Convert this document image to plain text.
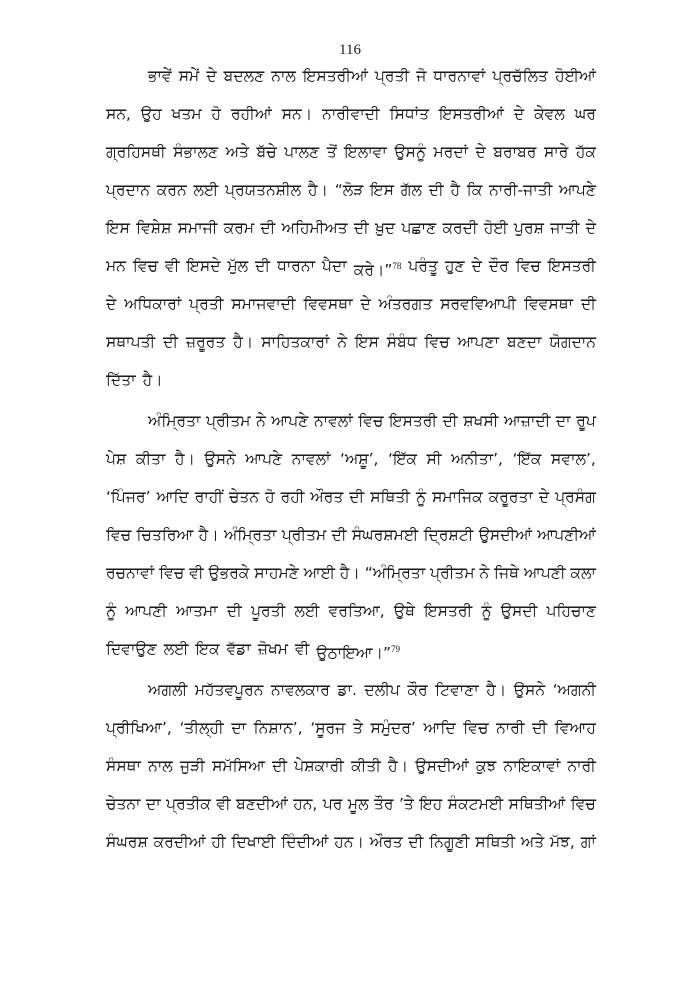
116
ਭਾਵੇਂ ਸਮੇਂ ਦੇ ਬਦਲਣ ਨਾਲ ਇਸਤਰੀਆਂ ਪ੍ਰਤੀ ਜੋ ਧਾਰਨਾਵਾਂ ਪ੍ਰਚੱਲਿਤ ਹੋਈਆਂ
ਸਨ, ਉਹ ਖਤਮ ਹੋ ਰਹੀਆਂ ਸਨ। ਨਾਰੀਵਾਦੀ ਸਿਧਾਂਤ ਇਸਤਰੀਆਂ ਦੇ ਕੇਵਲ ਘਰ
ਗ੍ਰਹਿਸਥੀ ਸੰਭਾਲਣ ਅਤੇ ਬੱਚੇ ਪਾਲਣ ਤੋਂ ਇਲਾਵਾ ਉਸਨੂੰ ਮਰਦਾਂ ਦੇ ਬਰਾਬਰ ਸਾਰੇ ਹੱਕ
ਪ੍ਰਦਾਨ ਕਰਨ ਲਈ ਪ੍ਰਯਤਨਸ਼ੀਲ ਹੈ। “ਲੋੜ ਇਸ ਗੱਲ ਦੀ ਹੈ ਕਿ ਨਾਰੀ-ਜਾਤੀ ਆਪਣੇ
ਇਸ ਵਿਸ਼ੇਸ਼ ਸਮਾਜੀ ਕਰਮ ਦੀ ਅਹਿਮੀਅਤ ਦੀ ਖ਼ੁਦ ਪਛਾਣ ਕਰਦੀ ਹੋਈ ਪੁਰਸ਼ ਜਾਤੀ ਦੇ
ਮਨ ਵਿਚ ਵੀ ਇਸਦੇ ਮੁੱਲ ਦੀ ਧਾਰਨਾ ਪੈਦਾ ਕਰੇ।”$^{78}$ ਪਰੰਤੂ ਹੁਣ ਦੇ ਦੌਰ ਵਿਚ ਇਸਤਰੀ
ਦੇ ਅਧਿਕਾਰਾਂ ਪ੍ਰਤੀ ਸਮਾਜਵਾਦੀ ਵਿਵਸਥਾ ਦੇ ਅੰਤਰਗਤ ਸਰਵਵਿਆਪੀ ਵਿਵਸਥਾ ਦੀ
ਸਥਾਪਤੀ ਦੀ ਜ਼ਰੂਰਤ ਹੈ। ਸਾਹਿਤਕਾਰਾਂ ਨੇ ਇਸ ਸੰਬੰਧ ਵਿਚ ਆਪਣਾ ਬਣਦਾ ਯੋਗਦਾਨ
ਦਿੱਤਾ ਹੈ।
ਅੰਮ੍ਰਿਤਾ ਪ੍ਰੀਤਮ ਨੇ ਆਪਣੇ ਨਾਵਲਾਂ ਵਿਚ ਇਸਤਰੀ ਦੀ ਸ਼ਖਸੀ ਆਜ਼ਾਦੀ ਦਾ ਰੂਪ
ਪੇਸ਼ ਕੀਤਾ ਹੈ। ਉਸਨੇ ਆਪਣੇ ਨਾਵਲਾਂ ‘ਅਸ਼ੂ’, ‘ਇੱਕ ਸੀ ਅਨੀਤਾ’, ‘ਇੱਕ ਸਵਾਲ’,
‘ਪਿੰਜਰ’ ਆਦਿ ਰਾਹੀਂ ਚੇਤਨ ਹੋ ਰਹੀ ਔਰਤ ਦੀ ਸਥਿਤੀ ਨੂੰ ਸਮਾਜਿਕ ਕਰੂਰਤਾ ਦੇ ਪ੍ਰਸੰਗ
ਵਿਚ ਚਿਤਰਿਆ ਹੈ। ਅੰਮ੍ਰਿਤਾ ਪ੍ਰੀਤਮ ਦੀ ਸੰਘਰਸ਼ਮਈ ਦ੍ਰਿਸ਼ਟੀ ਉਸਦੀਆਂ ਆਪਣੀਆਂ
ਰਚਨਾਵਾਂ ਵਿਚ ਵੀ ਉਭਰਕੇ ਸਾਹਮਣੇ ਆਈ ਹੈ। “ਅੰਮ੍ਰਿਤਾ ਪ੍ਰੀਤਮ ਨੇ ਜਿਥੇ ਆਪਣੀ ਕਲਾ
ਨੂੰ ਆਪਣੀ ਆਤਮਾ ਦੀ ਪੂਰਤੀ ਲਈ ਵਰਤਿਆ, ਉਥੇ ਇਸਤਰੀ ਨੂੰ ਉਸਦੀ ਪਹਿਚਾਣ
ਦਿਵਾਉਣ ਲਈ ਇਕ ਵੱਡਾ ਜ਼ੋਖਮ ਵੀ ਉਠਾਇਆ।”$^{79}$
ਅਗਲੀ ਮਹੱਤਵਪੂਰਨ ਨਾਵਲਕਾਰ ਡਾ. ਦਲੀਪ ਕੌਰ ਟਿਵਾਣਾ ਹੈ। ਉਸਨੇ ‘ਅਗਨੀ
ਪ੍ਰੀਖਿਆ’, ‘ਤੀਲ੍ਹੀ ਦਾ ਨਿਸ਼ਾਨ’, ‘ਸੂਰਜ ਤੇ ਸਮੁੰਦਰ’ ਆਦਿ ਵਿਚ ਨਾਰੀ ਦੀ ਵਿਆਹ
ਸੰਸਥਾ ਨਾਲ ਜੁੜੀ ਸਮੱਸਿਆ ਦੀ ਪੇਸ਼ਕਾਰੀ ਕੀਤੀ ਹੈ। ਉਸਦੀਆਂ ਕੁਝ ਨਾਇਕਾਵਾਂ ਨਾਰੀ
ਚੇਤਨਾ ਦਾ ਪ੍ਰਤੀਕ ਵੀ ਬਣਦੀਆਂ ਹਨ, ਪਰ ਮੂਲ ਤੌਰ ’ਤੇ ਇਹ ਸੰਕਟਮਈ ਸਥਿਤੀਆਂ ਵਿਚ
ਸੰਘਰਸ਼ ਕਰਦੀਆਂ ਹੀ ਦਿਖਾਈ ਦਿੰਦੀਆਂ ਹਨ। ਔਰਤ ਦੀ ਨਿਗੂਣੀ ਸਥਿਤੀ ਅਤੇ ਮੱਝ, ਗਾਂ
